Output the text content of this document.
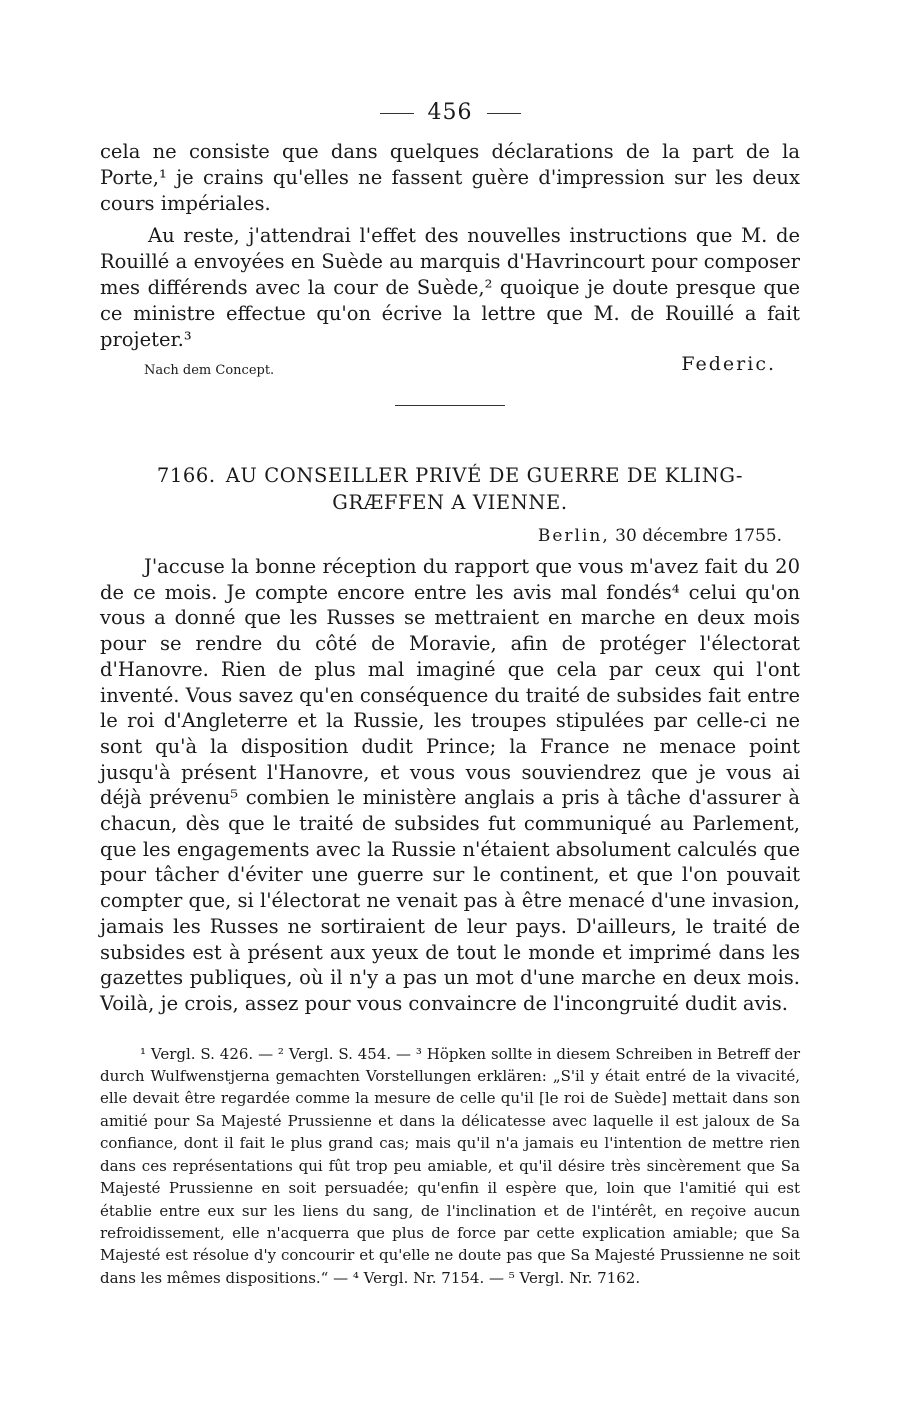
456

cela ne consiste que dans quelques déclarations de la part de la Porte,¹ je crains qu'elles ne fassent guère d'impression sur les deux cours impériales.

Au reste, j'attendrai l'effet des nouvelles instructions que M. de Rouillé a envoyées en Suède au marquis d'Havrincourt pour composer mes différends avec la cour de Suède,² quoique je doute presque que ce ministre effectue qu'on écrive la lettre que M. de Rouillé a fait projeter.³

Nach dem Concept.	Federic.
7166. AU CONSEILLER PRIVÉ DE GUERRE DE KLING-GRÆFFEN A VIENNE.
Berlin, 30 décembre 1755.

J'accuse la bonne réception du rapport que vous m'avez fait du 20 de ce mois. Je compte encore entre les avis mal fondés⁴ celui qu'on vous a donné que les Russes se mettraient en marche en deux mois pour se rendre du côté de Moravie, afin de protéger l'électorat d'Hanovre. Rien de plus mal imaginé que cela par ceux qui l'ont inventé. Vous savez qu'en conséquence du traité de subsides fait entre le roi d'Angleterre et la Russie, les troupes stipulées par celle-ci ne sont qu'à la disposition dudit Prince; la France ne menace point jusqu'à présent l'Hanovre, et vous vous souviendrez que je vous ai déjà prévenu⁵ combien le ministère anglais a pris à tâche d'assurer à chacun, dès que le traité de subsides fut communiqué au Parlement, que les engagements avec la Russie n'étaient absolument calculés que pour tâcher d'éviter une guerre sur le continent, et que l'on pouvait compter que, si l'électorat ne venait pas à être menacé d'une invasion, jamais les Russes ne sortiraient de leur pays. D'ailleurs, le traité de subsides est à présent aux yeux de tout le monde et imprimé dans les gazettes publiques, où il n'y a pas un mot d'une marche en deux mois. Voilà, je crois, assez pour vous convaincre de l'incongruité dudit avis.

¹ Vergl. S. 426. — ² Vergl. S. 454. — ³ Höpken sollte in diesem Schreiben in Betreff der durch Wulfwenstjerna gemachten Vorstellungen erklären: „S'il y était entré de la vivacité, elle devait être regardée comme la mesure de celle qu'il [le roi de Suède] mettait dans son amitié pour Sa Majesté Prussienne et dans la délicatesse avec laquelle il est jaloux de Sa confiance, dont il fait le plus grand cas; mais qu'il n'a jamais eu l'intention de mettre rien dans ces représentations qui fût trop peu amiable, et qu'il désire très sincèrement que Sa Majesté Prussienne en soit persuadée; qu'enfin il espère que, loin que l'amitié qui est établie entre eux sur les liens du sang, de l'inclination et de l'intérêt, en reçoive aucun refroidissement, elle n'acquerra que plus de force par cette explication amiable; que Sa Majesté est résolue d'y concourir et qu'elle ne doute pas que Sa Majesté Prussienne ne soit dans les mêmes dispositions.“ — ⁴ Vergl. Nr. 7154. — ⁵ Vergl. Nr. 7162.
